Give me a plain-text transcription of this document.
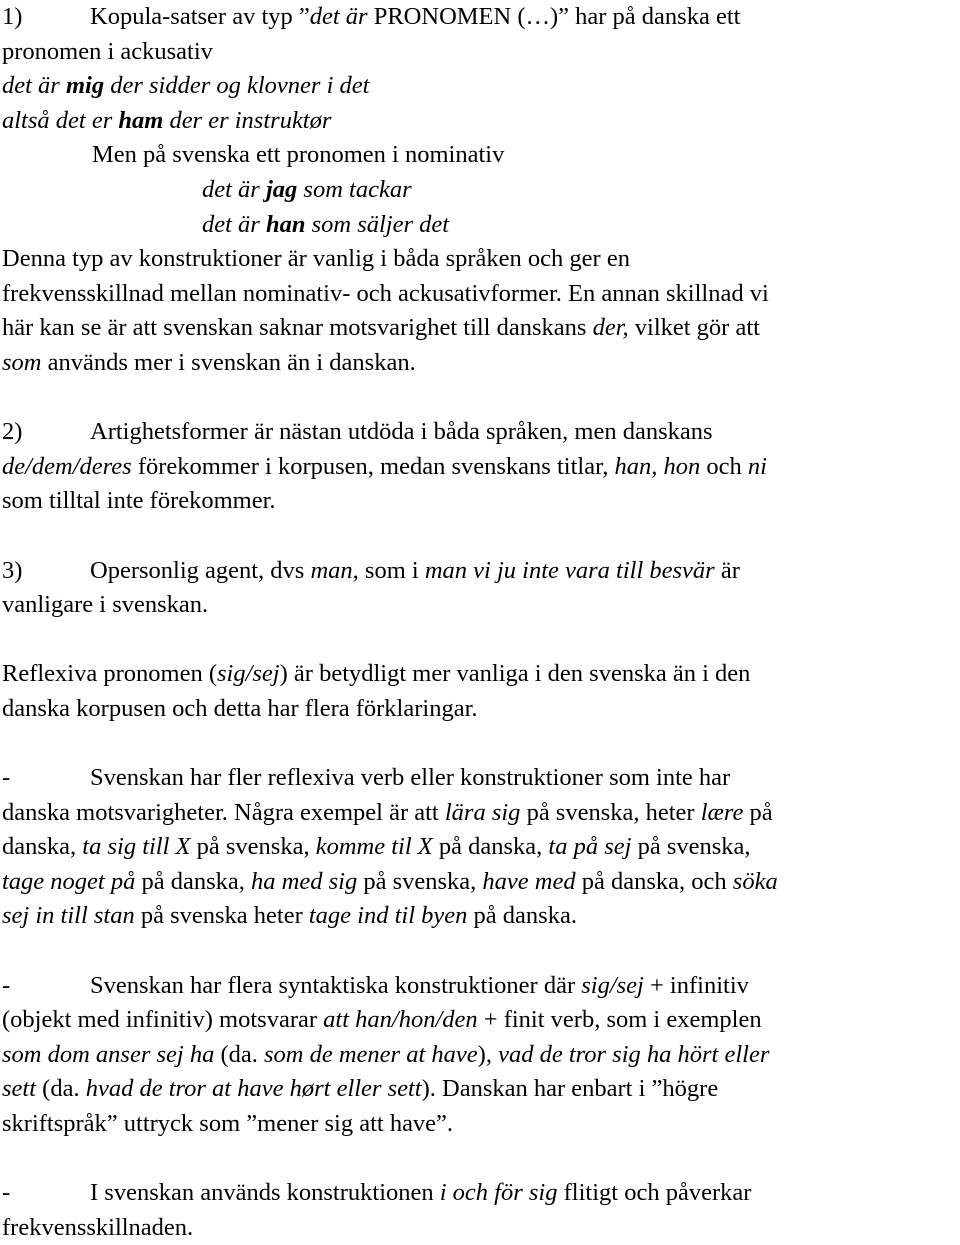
1)	Kopula-satser av typ ”det är PRONOMEN (…)” har på danska ett
pronomen i ackusativ
det är mig der sidder og klovner i det
altså det er ham der er instruktør
Men på svenska ett pronomen i nominativ
det är jag som tackar
det är han som säljer det
Denna typ av konstruktioner är vanlig i båda språken och ger en
frekvensskillnad mellan nominativ- och ackusativformer. En annan skillnad vi
här kan se är att svenskan saknar motsvarighet till danskans der, vilket gör att
som används mer i svenskan än i danskan.
2)	Artighetsformer är nästan utdöda i båda språken, men danskans
de/dem/deres förekommer i korpusen, medan svenskans titlar, han, hon och ni
som tilltal inte förekommer.
3)	Opersonlig agent, dvs man, som i man vi ju inte vara till besvär är
vanligare i svenskan.
Reflexiva pronomen (sig/sej) är betydligt mer vanliga i den svenska än i den
danska korpusen och detta har flera förklaringar.
-	Svenskan har fler reflexiva verb eller konstruktioner som inte har
danska motsvarigheter. Några exempel är att lära sig på svenska, heter lære på
danska, ta sig till X på svenska, komme til X på danska, ta på sej på svenska,
tage noget på på danska, ha med sig på svenska, have med på danska, och söka
sej in till stan på svenska heter tage ind til byen på danska.
-	Svenskan har flera syntaktiska konstruktioner där sig/sej + infinitiv
(objekt med infinitiv) motsvarar att han/hon/den + finit verb, som i exemplen
som dom anser sej ha (da. som de mener at have), vad de tror sig ha hört eller
sett (da. hvad de tror at have hørt eller sett). Danskan har enbart i ”högre
skriftspråk” uttryck som ”mener sig att have”.
-	I svenskan används konstruktionen i och för sig flitigt och påverkar
frekvensskillnaden.
